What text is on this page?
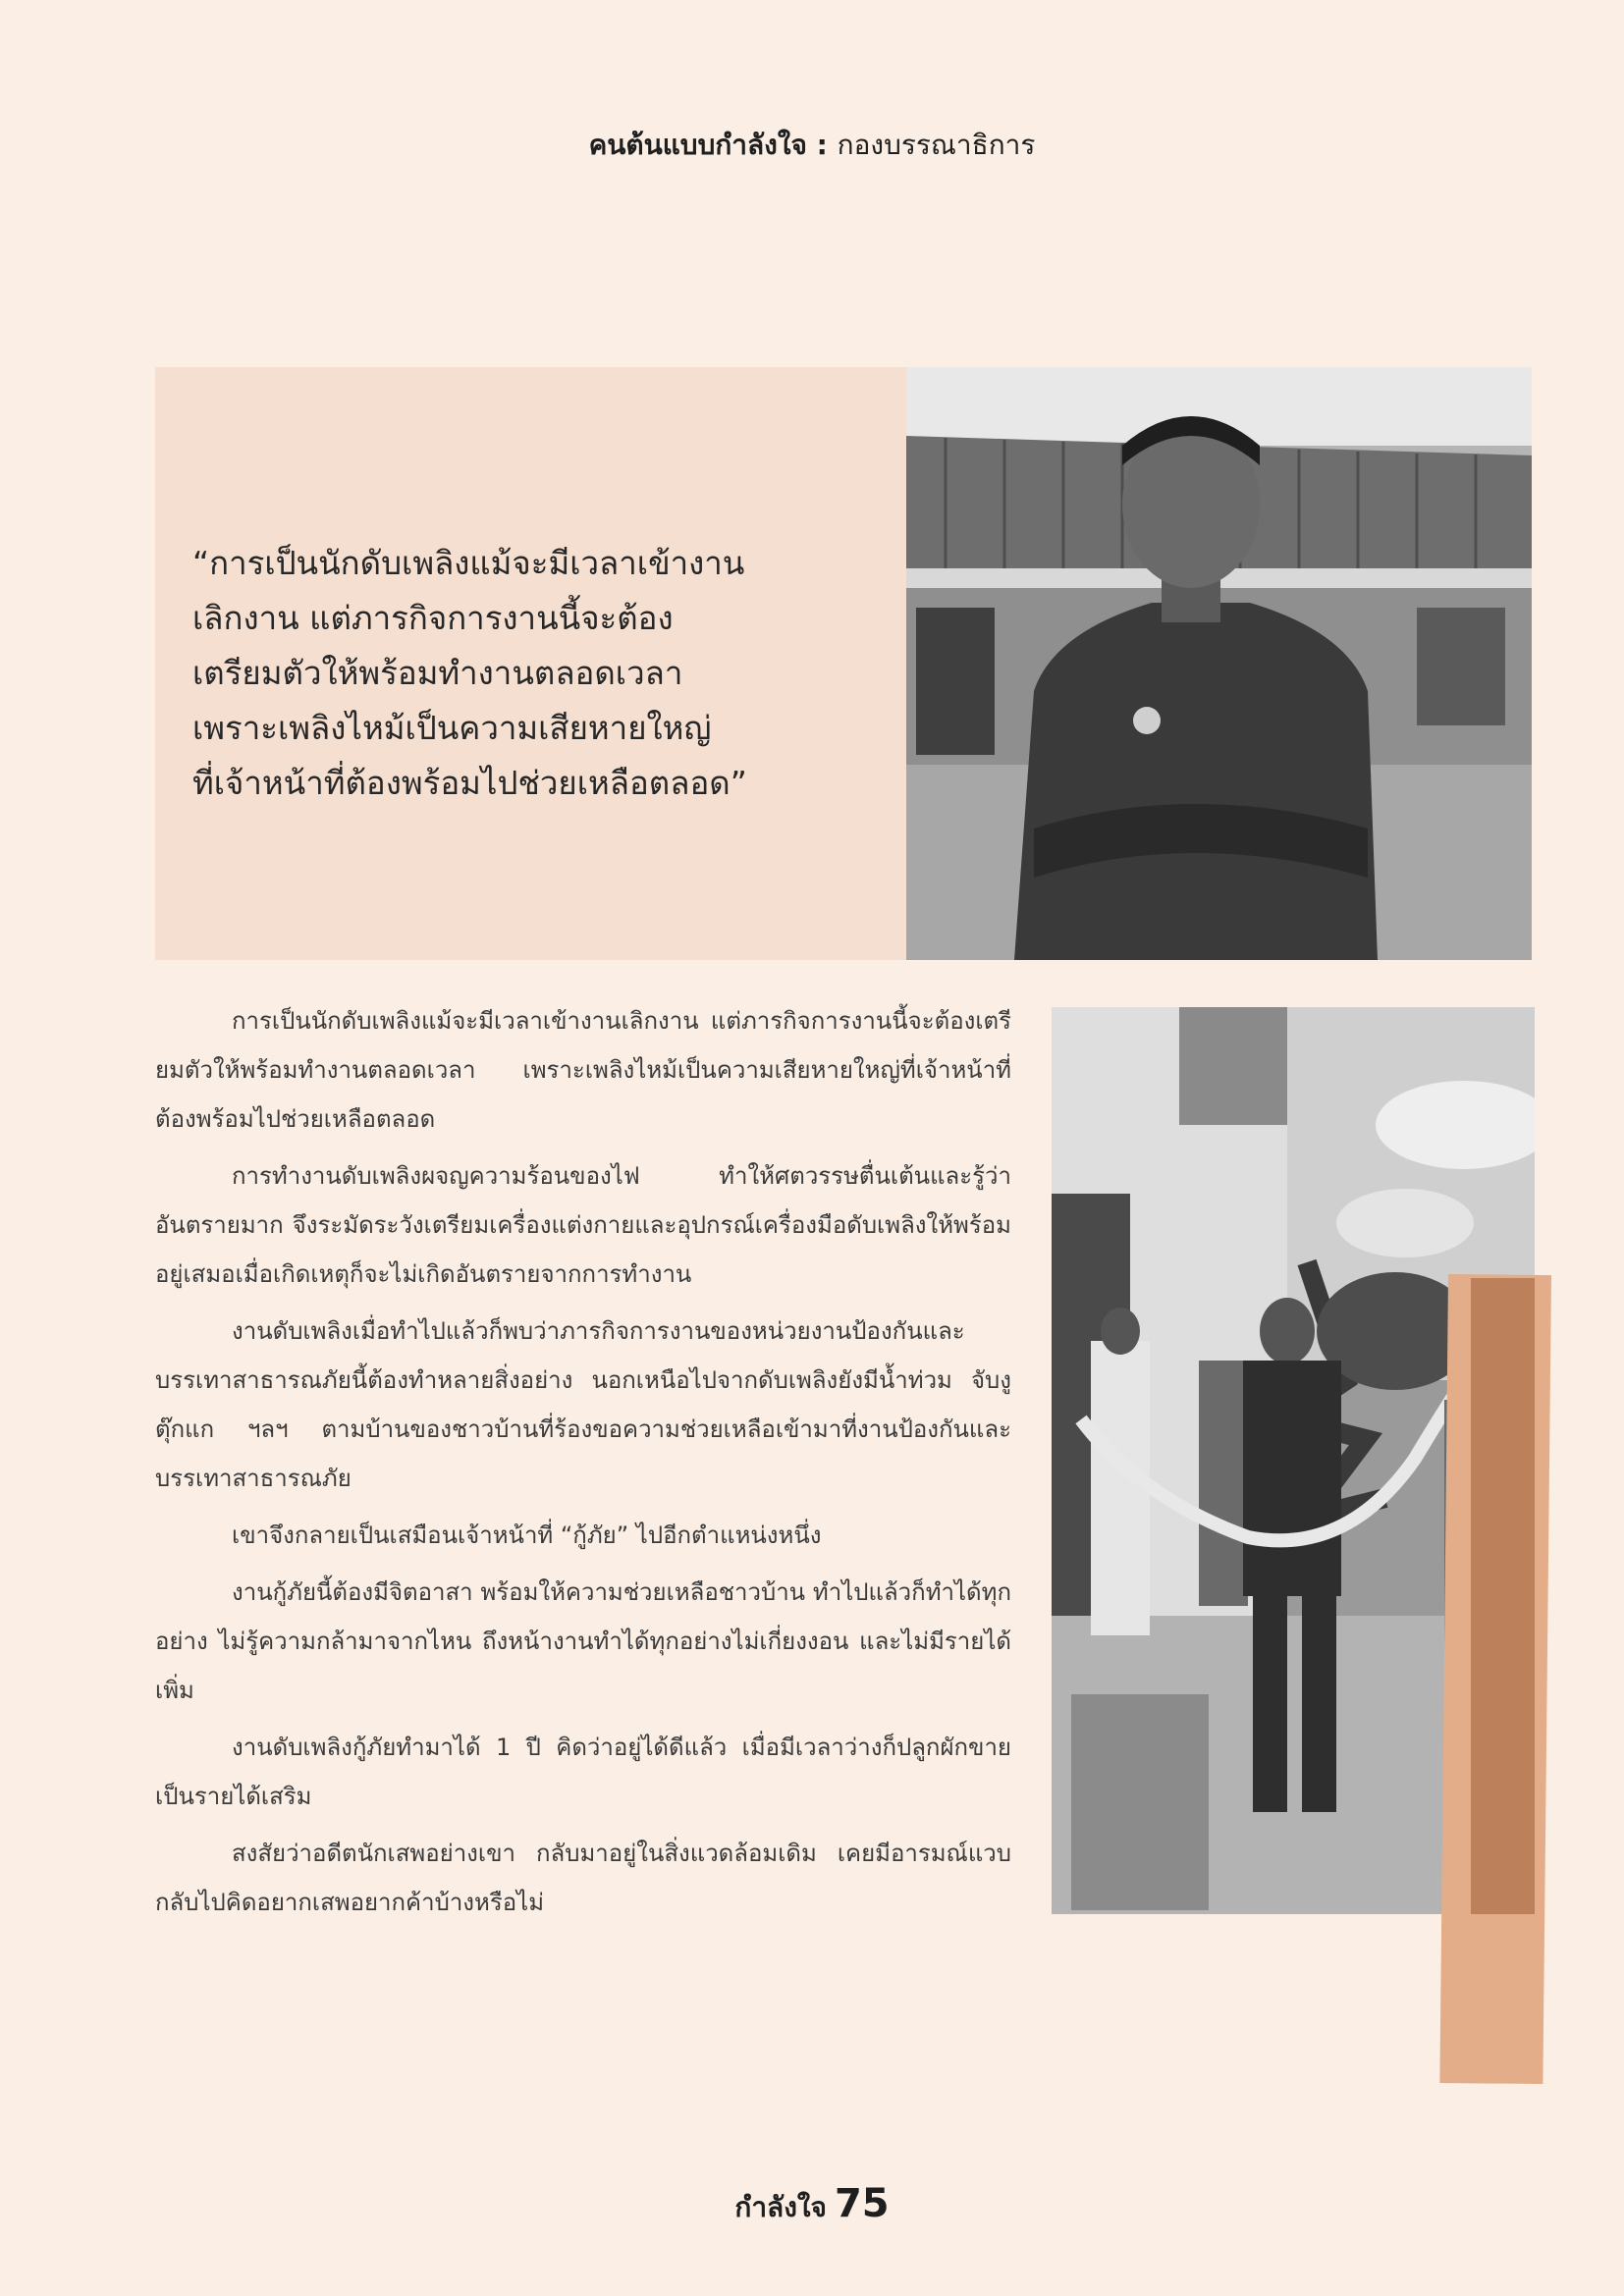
คนต้นแบบกำลังใจ : กองบรรณาธิการ
“การเป็นนักดับเพลิงแม้จะมีเวลาเข้างาน
เลิกงาน แต่ภารกิจการงานนี้จะต้อง
เตรียมตัวให้พร้อมทำงานตลอดเวลา
เพราะเพลิงไหม้เป็นความเสียหายใหญ่
ที่เจ้าหน้าที่ต้องพร้อมไปช่วยเหลือตลอด”

การเป็นนักดับเพลิงแม้จะมีเวลาเข้างานเลิกงาน แต่ภารกิจการงานนี้จะต้องเตรียมตัวให้พร้อมทำงานตลอดเวลา เพราะเพลิงไหม้เป็นความเสียหายใหญ่ที่เจ้าหน้าที่ต้องพร้อมไปช่วยเหลือตลอด

การทำงานดับเพลิงผจญความร้อนของไฟ ทำให้ศตวรรษตื่นเต้นและรู้ว่าอันตรายมาก จึงระมัดระวังเตรียมเครื่องแต่งกายและอุปกรณ์เครื่องมือดับเพลิงให้พร้อมอยู่เสมอเมื่อเกิดเหตุก็จะไม่เกิดอันตรายจากการทำงาน

งานดับเพลิงเมื่อทำไปแล้วก็พบว่าภารกิจการงานของหน่วยงานป้องกันและบรรเทาสาธารณภัยนี้ต้องทำหลายสิ่งอย่าง นอกเหนือไปจากดับเพลิงยังมีน้ำท่วม จับงู ตุ๊กแก ฯลฯ ตามบ้านของชาวบ้านที่ร้องขอความช่วยเหลือเข้ามาที่งานป้องกันและบรรเทาสาธารณภัย

เขาจึงกลายเป็นเสมือนเจ้าหน้าที่ “กู้ภัย” ไปอีกตำแหน่งหนึ่ง

งานกู้ภัยนี้ต้องมีจิตอาสา พร้อมให้ความช่วยเหลือชาวบ้าน ทำไปแล้วก็ทำได้ทุกอย่าง ไม่รู้ความกล้ามาจากไหน ถึงหน้างานทำได้ทุกอย่างไม่เกี่ยงงอน และไม่มีรายได้เพิ่ม

งานดับเพลิงกู้ภัยทำมาได้ 1 ปี คิดว่าอยู่ได้ดีแล้ว เมื่อมีเวลาว่างก็ปลูกผักขายเป็นรายได้เสริม

สงสัยว่าอดีตนักเสพอย่างเขา กลับมาอยู่ในสิ่งแวดล้อมเดิม เคยมีอารมณ์แวบกลับไปคิดอยากเสพอยากค้าบ้างหรือไม่

กำลังใจ 75
